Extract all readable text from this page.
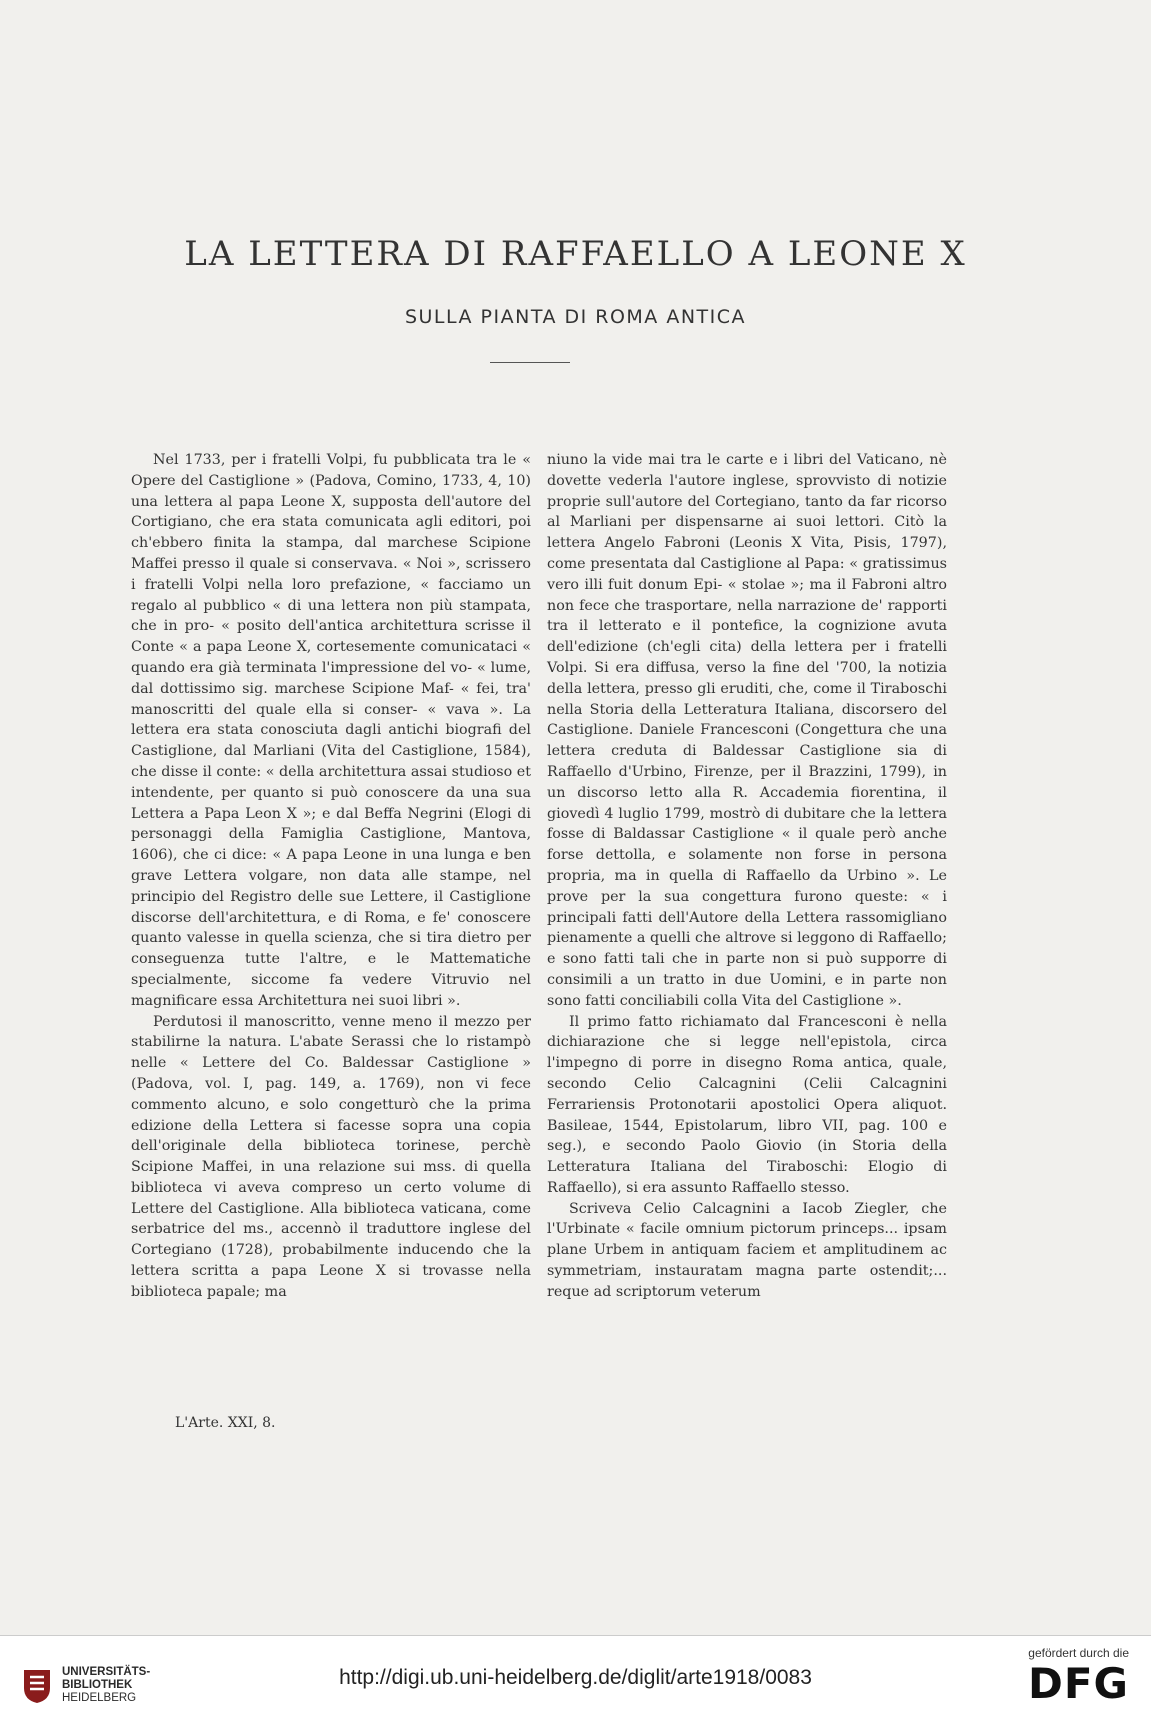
LA LETTERA DI RAFFAELLO A LEONE X
SULLA PIANTA DI ROMA ANTICA

Nel 1733, per i fratelli Volpi, fu pubblicata tra le « Opere del Castiglione » (Padova, Comino, 1733, 4, 10) una lettera al papa Leone X, supposta dell'autore del Cortigiano, che era stata comunicata agli editori, poi ch'ebbero finita la stampa, dal marchese Scipione Maffei presso il quale si conservava. « Noi », scrissero i fratelli Volpi nella loro prefazione, « facciamo un regalo al pubblico « di una lettera non più stampata, che in pro- « posito dell'antica architettura scrisse il Conte « a papa Leone X, cortesemente comunicataci « quando era già terminata l'impressione del vo- « lume, dal dottissimo sig. marchese Scipione Maf- « fei, tra' manoscritti del quale ella si conser- « vava ». La lettera era stata conosciuta dagli antichi biografi del Castiglione, dal Marliani (Vita del Castiglione, 1584), che disse il conte: « della architettura assai studioso et intendente, per quanto si può conoscere da una sua Lettera a Papa Leon X »; e dal Beffa Negrini (Elogi di personaggi della Famiglia Castiglione, Mantova, 1606), che ci dice: « A papa Leone in una lunga e ben grave Lettera volgare, non data alle stampe, nel principio del Registro delle sue Lettere, il Castiglione discorse dell'architettura, e di Roma, e fe' conoscere quanto valesse in quella scienza, che si tira dietro per conseguenza tutte l'altre, e le Mattematiche specialmente, siccome fa vedere Vitruvio nel magnificare essa Architettura nei suoi libri ».

Perdutosi il manoscritto, venne meno il mezzo per stabilirne la natura. L'abate Serassi che lo ristampò nelle « Lettere del Co. Baldessar Castiglione » (Padova, vol. I, pag. 149, a. 1769), non vi fece commento alcuno, e solo congetturò che la prima edizione della Lettera si facesse sopra una copia dell'originale della biblioteca torinese, perchè Scipione Maffei, in una relazione sui mss. di quella biblioteca vi aveva compreso un certo volume di Lettere del Castiglione. Alla biblioteca vaticana, come serbatrice del ms., accennò il traduttore inglese del Cortegiano (1728), probabilmente inducendo che la lettera scritta a papa Leone X si trovasse nella biblioteca papale; ma

niuno la vide mai tra le carte e i libri del Vaticano, nè dovette vederla l'autore inglese, sprovvisto di notizie proprie sull'autore del Cortegiano, tanto da far ricorso al Marliani per dispensarne ai suoi lettori. Citò la lettera Angelo Fabroni (Leonis X Vita, Pisis, 1797), come presentata dal Castiglione al Papa: « gratissimus vero illi fuit donum Epi- « stolae »; ma il Fabroni altro non fece che trasportare, nella narrazione de' rapporti tra il letterato e il pontefice, la cognizione avuta dell'edizione (ch'egli cita) della lettera per i fratelli Volpi. Si era diffusa, verso la fine del '700, la notizia della lettera, presso gli eruditi, che, come il Tiraboschi nella Storia della Letteratura Italiana, discorsero del Castiglione. Daniele Francesconi (Congettura che una lettera creduta di Baldessar Castiglione sia di Raffaello d'Urbino, Firenze, per il Brazzini, 1799), in un discorso letto alla R. Accademia fiorentina, il giovedì 4 luglio 1799, mostrò di dubitare che la lettera fosse di Baldassar Castiglione « il quale però anche forse dettolla, e solamente non forse in persona propria, ma in quella di Raffaello da Urbino ». Le prove per la sua congettura furono queste: « i principali fatti dell'Autore della Lettera rassomigliano pienamente a quelli che altrove si leggono di Raffaello; e sono fatti tali che in parte non si può supporre di consimili a un tratto in due Uomini, e in parte non sono fatti conciliabili colla Vita del Castiglione ».

Il primo fatto richiamato dal Francesconi è nella dichiarazione che si legge nell'epistola, circa l'impegno di porre in disegno Roma antica, quale, secondo Celio Calcagnini (Celii Calcagnini Ferrariensis Protonotarii apostolici Opera aliquot. Basileae, 1544, Epistolarum, libro VII, pag. 100 e seg.), e secondo Paolo Giovio (in Storia della Letteratura Italiana del Tiraboschi: Elogio di Raffaello), si era assunto Raffaello stesso.

Scriveva Celio Calcagnini a Iacob Ziegler, che l'Urbinate « facile omnium pictorum princeps... ipsam plane Urbem in antiquam faciem et amplitudinem ac symmetriam, instauratam magna parte ostendit;... reque ad scriptorum veterum

L'Arte. XXI, 8.
UNIVERSITÄTS-
BIBLIOTHEK
HEIDELBERG
http://digi.ub.uni-heidelberg.de/diglit/arte1918/0083
gefördert durch die
DFG
